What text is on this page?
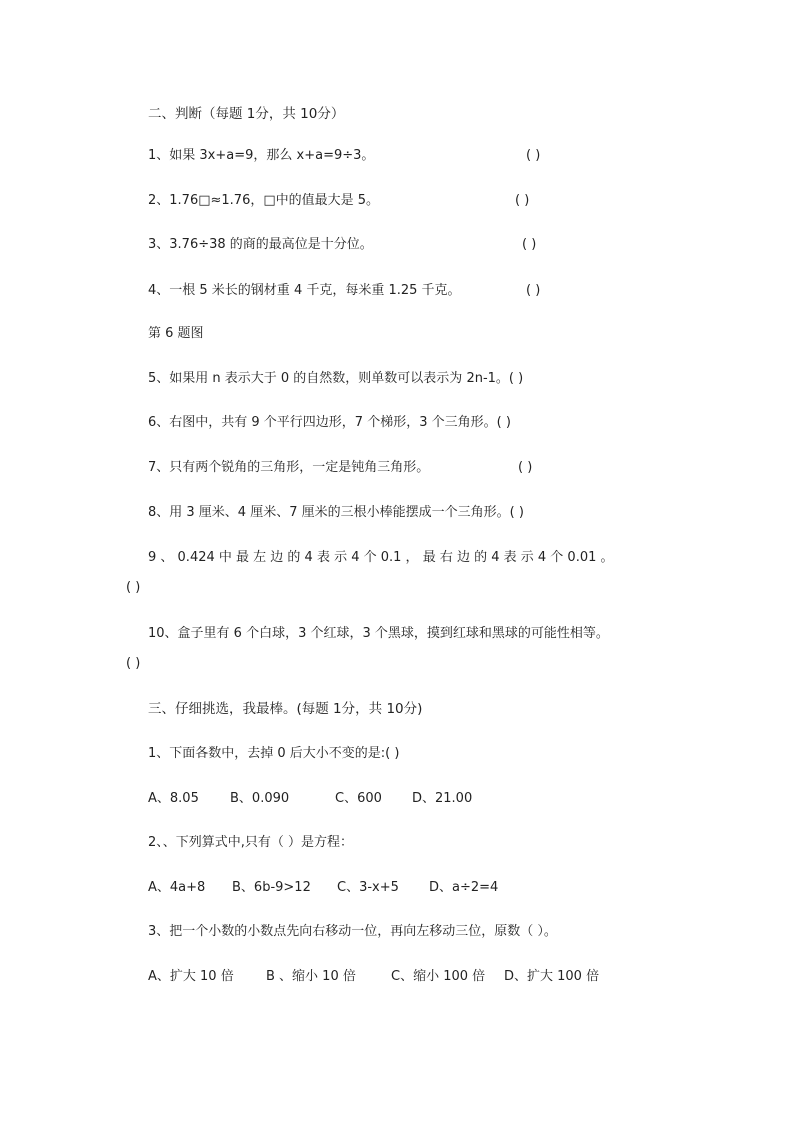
二、判断（每题 1分，共 10分）
1、如果 3x+a=9，那么 x+a=9÷3。	( )
2、1.76□≈1.76，□中的值最大是 5。	( )
3、3.76÷38 的商的最高位是十分位。	( )
4、一根 5 米长的钢材重 4 千克，每米重 1.25 千克。	( )
第 6 题图
5、如果用 n 表示大于 0 的自然数，则单数可以表示为 2n-1。( )
6、右图中，共有 9 个平行四边形，7 个梯形，3 个三角形。( )
7、只有两个锐角的三角形，一定是钝角三角形。	( )
8、用 3 厘米、4 厘米、7 厘米的三根小棒能摆成一个三角形。( )
9 、 0.424 中 最 左 边 的 4 表 示 4 个 0.1 ， 最 右 边 的 4 表 示 4 个 0.01 。
( )
10、盒子里有 6 个白球，3 个红球，3 个黑球，摸到红球和黑球的可能性相等。
( )
三、仔细挑选，我最棒。(每题 1分，共 10分)
1、下面各数中，去掉 0 后大小不变的是:( )
A、8.05 B、0.090	C、600 D、21.00
2、、下列算式中,只有（ ）是方程：
A、4a+8 B、6b-9>12 C、3-x+5 D、a÷2=4
3、把一个小数的小数点先向右移动一位，再向左移动三位，原数（ ）。
A、扩大 10 倍 B 、缩小 10 倍	C、缩小 100 倍 D、扩大 100 倍
